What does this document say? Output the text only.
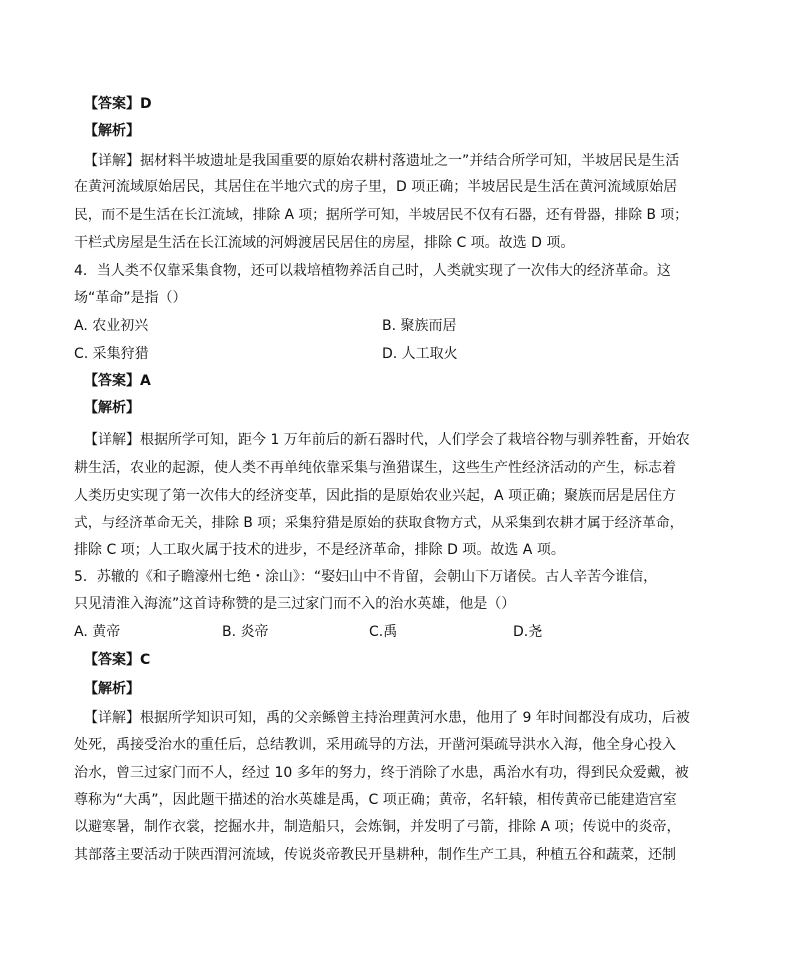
【答案】D
【解析】
【详解】据材料半坡遗址是我国重要的原始农耕村落遗址之一”并结合所学可知，半坡居民是生活
在黄河流域原始居民，其居住在半地穴式的房子里，D 项正确；半坡居民是生活在黄河流域原始居
民，而不是生活在长江流域，排除 A 项；据所学可知，半坡居民不仅有石器，还有骨器，排除 B 项；
干栏式房屋是生活在长江流域的河姆渡居民居住的房屋，排除 C 项。故选 D 项。
4．当人类不仅靠采集食物，还可以栽培植物养活自己时，人类就实现了一次伟大的经济革命。这
场“革命”是指（）
A. 农业初兴	B. 聚族而居
C. 采集狩猎	D. 人工取火
【答案】A
【解析】
【详解】根据所学可知，距今 1 万年前后的新石器时代，人们学会了栽培谷物与驯养牲畜，开始农
耕生活，农业的起源，使人类不再单纯依靠采集与渔猎谋生，这些生产性经济活动的产生，标志着
人类历史实现了第一次伟大的经济变革，因此指的是原始农业兴起，A 项正确；聚族而居是居住方
式，与经济革命无关，排除 B 项；采集狩猎是原始的获取食物方式，从采集到农耕才属于经济革命，
排除 C 项；人工取火属于技术的进步，不是经济革命，排除 D 项。故选 A 项。
5．苏辙的《和子瞻濠州七绝・涂山》：“娶妇山中不肯留，会朝山下万诸侯。古人辛苦今谁信，
只见清淮入海流”这首诗称赞的是三过家门而不入的治水英雄，他是（）
A. 黄帝	B. 炎帝	C.禹	D.尧
【答案】C
【解析】
【详解】根据所学知识可知，禹的父亲鲧曾主持治理黄河水患，他用了 9 年时间都没有成功，后被
处死，禹接受治水的重任后，总结教训，采用疏导的方法，开凿河渠疏导洪水入海，他全身心投入
治水，曾三过家门而不人，经过 10 多年的努力，终于消除了水患，禹治水有功，得到民众爱戴，被
尊称为“大禹”，因此题干描述的治水英雄是禹，C 项正确；黄帝，名轩辕，相传黄帝已能建造宫室
以避寒暑，制作衣裳，挖掘水井，制造船只，会炼铜，并发明了弓箭，排除 A 项；传说中的炎帝，
其部落主要活动于陕西渭河流域，传说炎帝教民开垦耕种，制作生产工具，种植五谷和蔬菜，还制
